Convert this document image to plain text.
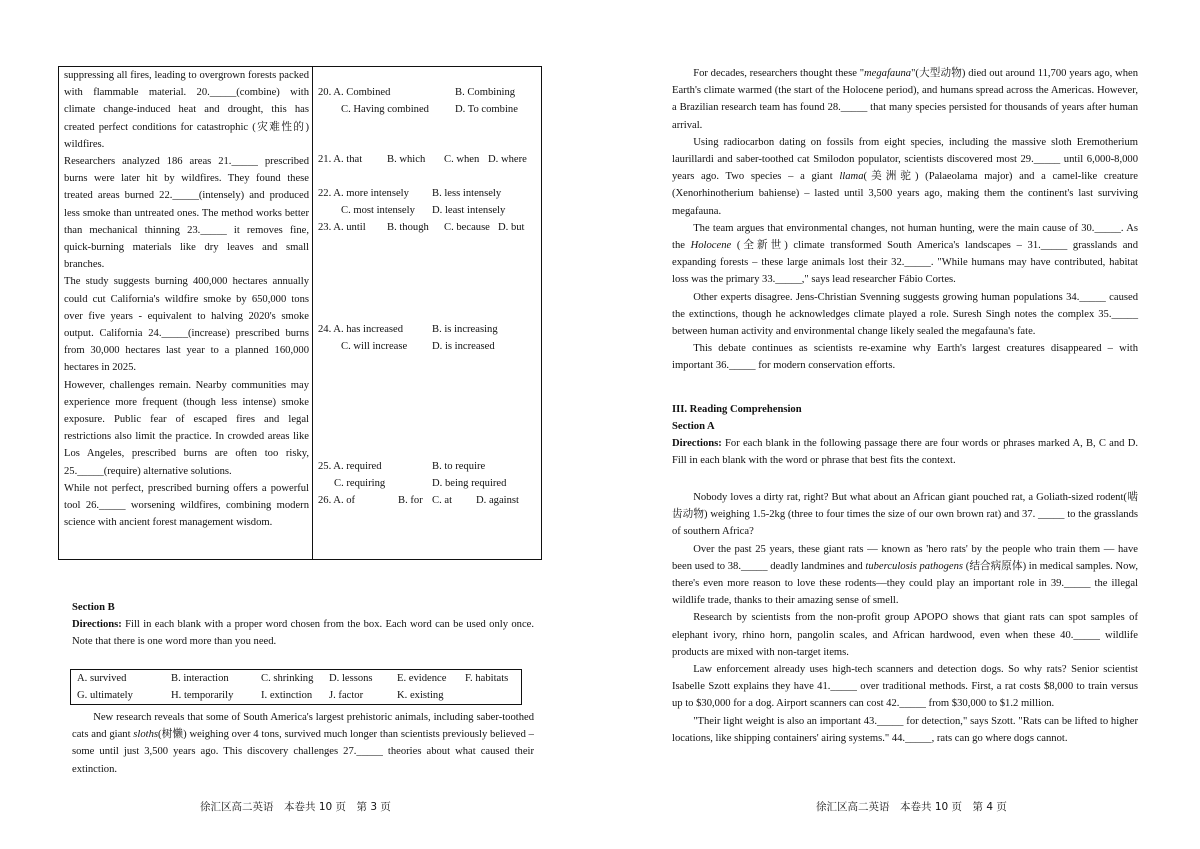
suppressing all fires, leading to overgrown forests packed with flammable material. 20._____(combine) with climate change-induced heat and drought, this has created perfect conditions for catastrophic (灾难性的) wildfires.

Researchers analyzed 186 areas 21._____ prescribed burns were later hit by wildfires. They found these treated areas burned 22._____(intensely) and produced less smoke than untreated ones. The method works better than mechanical thinning 23._____ it removes fine, quick-burning materials like dry leaves and small branches.

The study suggests burning 400,000 hectares annually could cut California's wildfire smoke by 650,000 tons over five years - equivalent to halving 2020's smoke output. California 24._____(increase) prescribed burns from 30,000 hectares last year to a planned 160,000 hectares in 2025.

However, challenges remain. Nearby communities may experience more frequent (though less intense) smoke exposure. Public fear of escaped fires and legal restrictions also limit the practice. In crowded areas like Los Angeles, prescribed burns are often too risky, 25._____(require) alternative solutions.

While not perfect, prescribed burning offers a powerful tool 26._____ worsening wildfires, combining modern science with ancient forest management wisdom.

20. A. Combined	B. Combining
C. Having combined D. To combine
21. A. that B. which C. when D. where
22. A. more intensely B. less intensely
C. most intensely D. least intensely
23. A. until B. though C. because D. but
24. A. has increased	B. is increasing
C. will increase D. is increased
25. A. required	B. to require
C. requiring	D. being required
26. A. of	B. for C. at D. against
Section B
Directions: Fill in each blank with a proper word chosen from the box. Each word can be used only once. Note that there is one word more than you need.
A. survived	B. interaction	C. shrinking D. lessons E. evidence F. habitats
G. ultimately	H. temporarily	I. extinction J. factor	K. existing
New research reveals that some of South America's largest prehistoric animals, including saber-toothed cats and giant sloths(树懒) weighing over 4 tons, survived much longer than scientists previously believed – some until just 3,500 years ago. This discovery challenges 27._____ theories about what caused their extinction.
徐汇区高二英语　本卷共 10 页　第 3 页

For decades, researchers thought these "megafauna"(大型动物) died out around 11,700 years ago, when Earth's climate warmed (the start of the Holocene period), and humans spread across the Americas. However, a Brazilian research team has found 28._____ that many species persisted for thousands of years after human arrival.

Using radiocarbon dating on fossils from eight species, including the massive sloth Eremotherium laurillardi and saber-toothed cat Smilodon populator, scientists discovered most 29._____ until 6,000-8,000 years ago. Two species – a giant llama(美洲驼) (Palaeolama major) and a camel-like creature (Xenorhinotherium bahiense) – lasted until 3,500 years ago, making them the continent's last surviving megafauna.

The team argues that environmental changes, not human hunting, were the main cause of 30._____. As the Holocene (全新世) climate transformed South America's landscapes – 31._____ grasslands and expanding forests – these large animals lost their 32._____. "While humans may have contributed, habitat loss was the primary 33._____," says lead researcher Fábio Cortes.

Other experts disagree. Jens-Christian Svenning suggests growing human populations 34._____ caused the extinctions, though he acknowledges climate played a role. Suresh Singh notes the complex 35._____ between human activity and environmental change likely sealed the megafauna's fate.

This debate continues as scientists re-examine why Earth's largest creatures disappeared – with important 36._____ for modern conservation efforts.

III. Reading Comprehension
Section A
Directions: For each blank in the following passage there are four words or phrases marked A, B, C and D. Fill in each blank with the word or phrase that best fits the context.

Nobody loves a dirty rat, right? But what about an African giant pouched rat, a Goliath-sized rodent(啮齿动物) weighing 1.5-2kg (three to four times the size of our own brown rat) and 37. _____ to the grasslands of southern Africa?

Over the past 25 years, these giant rats — known as 'hero rats' by the people who train them — have been used to 38._____ deadly landmines and tuberculosis pathogens (结合病原体) in medical samples. Now, there's even more reason to love these rodents—they could play an important role in 39._____ the illegal wildlife trade, thanks to their amazing sense of smell.

Research by scientists from the non-profit group APOPO shows that giant rats can spot samples of elephant ivory, rhino horn, pangolin scales, and African hardwood, even when these 40._____ wildlife products are mixed with non-target items.

Law enforcement already uses high-tech scanners and detection dogs. So why rats? Senior scientist Isabelle Szott explains they have 41._____ over traditional methods. First, a rat costs $8,000 to train versus up to $30,000 for a dog. Airport scanners can cost 42._____ from $30,000 to $1.2 million.

"Their light weight is also an important 43._____ for detection," says Szott. "Rats can be lifted to higher locations, like shipping containers' airing systems." 44._____, rats can go where dogs cannot.

徐汇区高二英语　本卷共 10 页　第 4 页
